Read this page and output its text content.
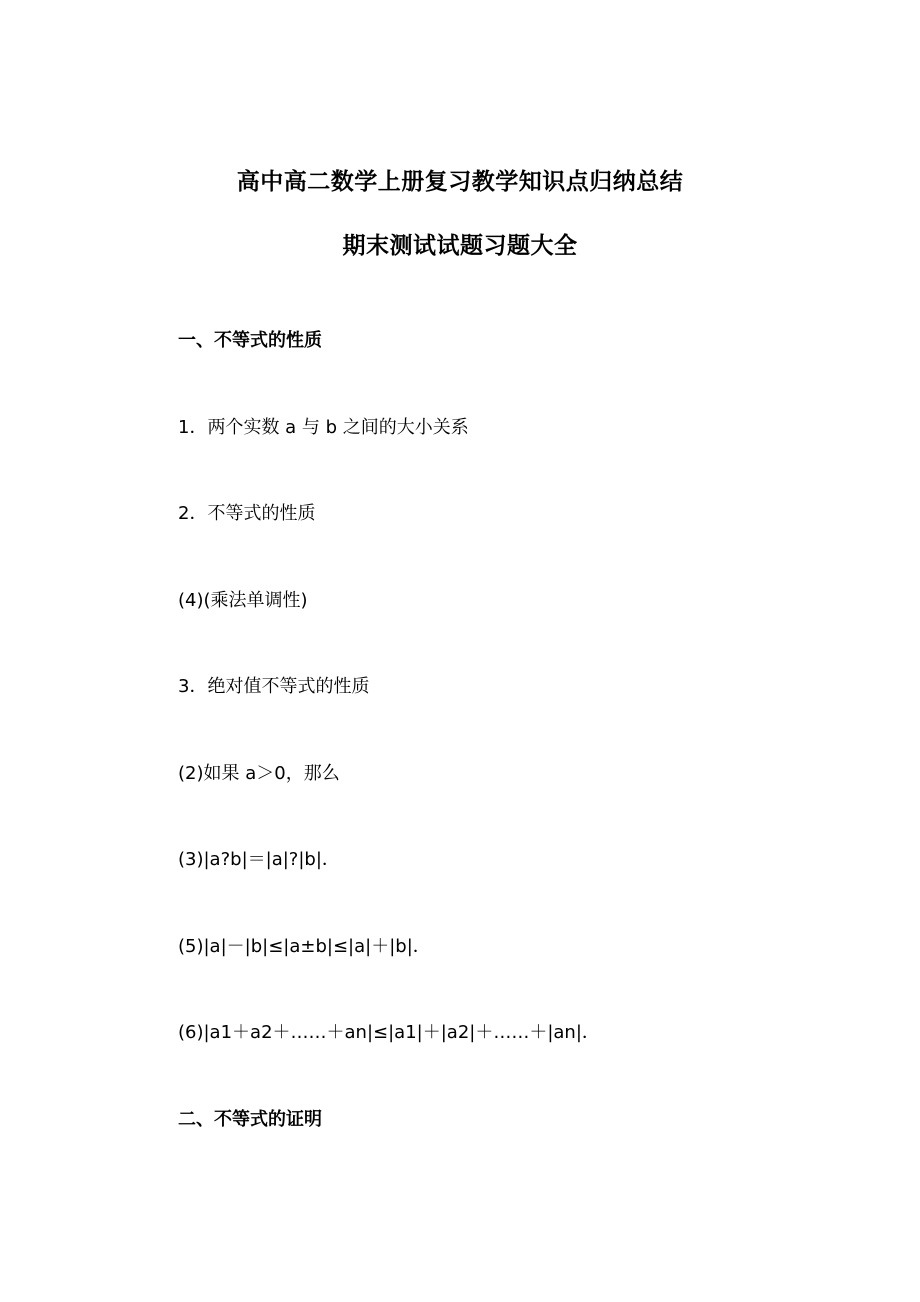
高中高二数学上册复习教学知识点归纳总结
期末测试试题习题大全
一、不等式的性质
1．两个实数 a 与 b 之间的大小关系
2．不等式的性质
(4)(乘法单调性)
3．绝对值不等式的性质
(2)如果 a＞0，那么
(3)|a?b|＝|a|?|b|．
(5)|a|－|b|≤|a±b|≤|a|＋|b|．
(6)|a1＋a2＋……＋an|≤|a1|＋|a2|＋……＋|an|．
二、不等式的证明
